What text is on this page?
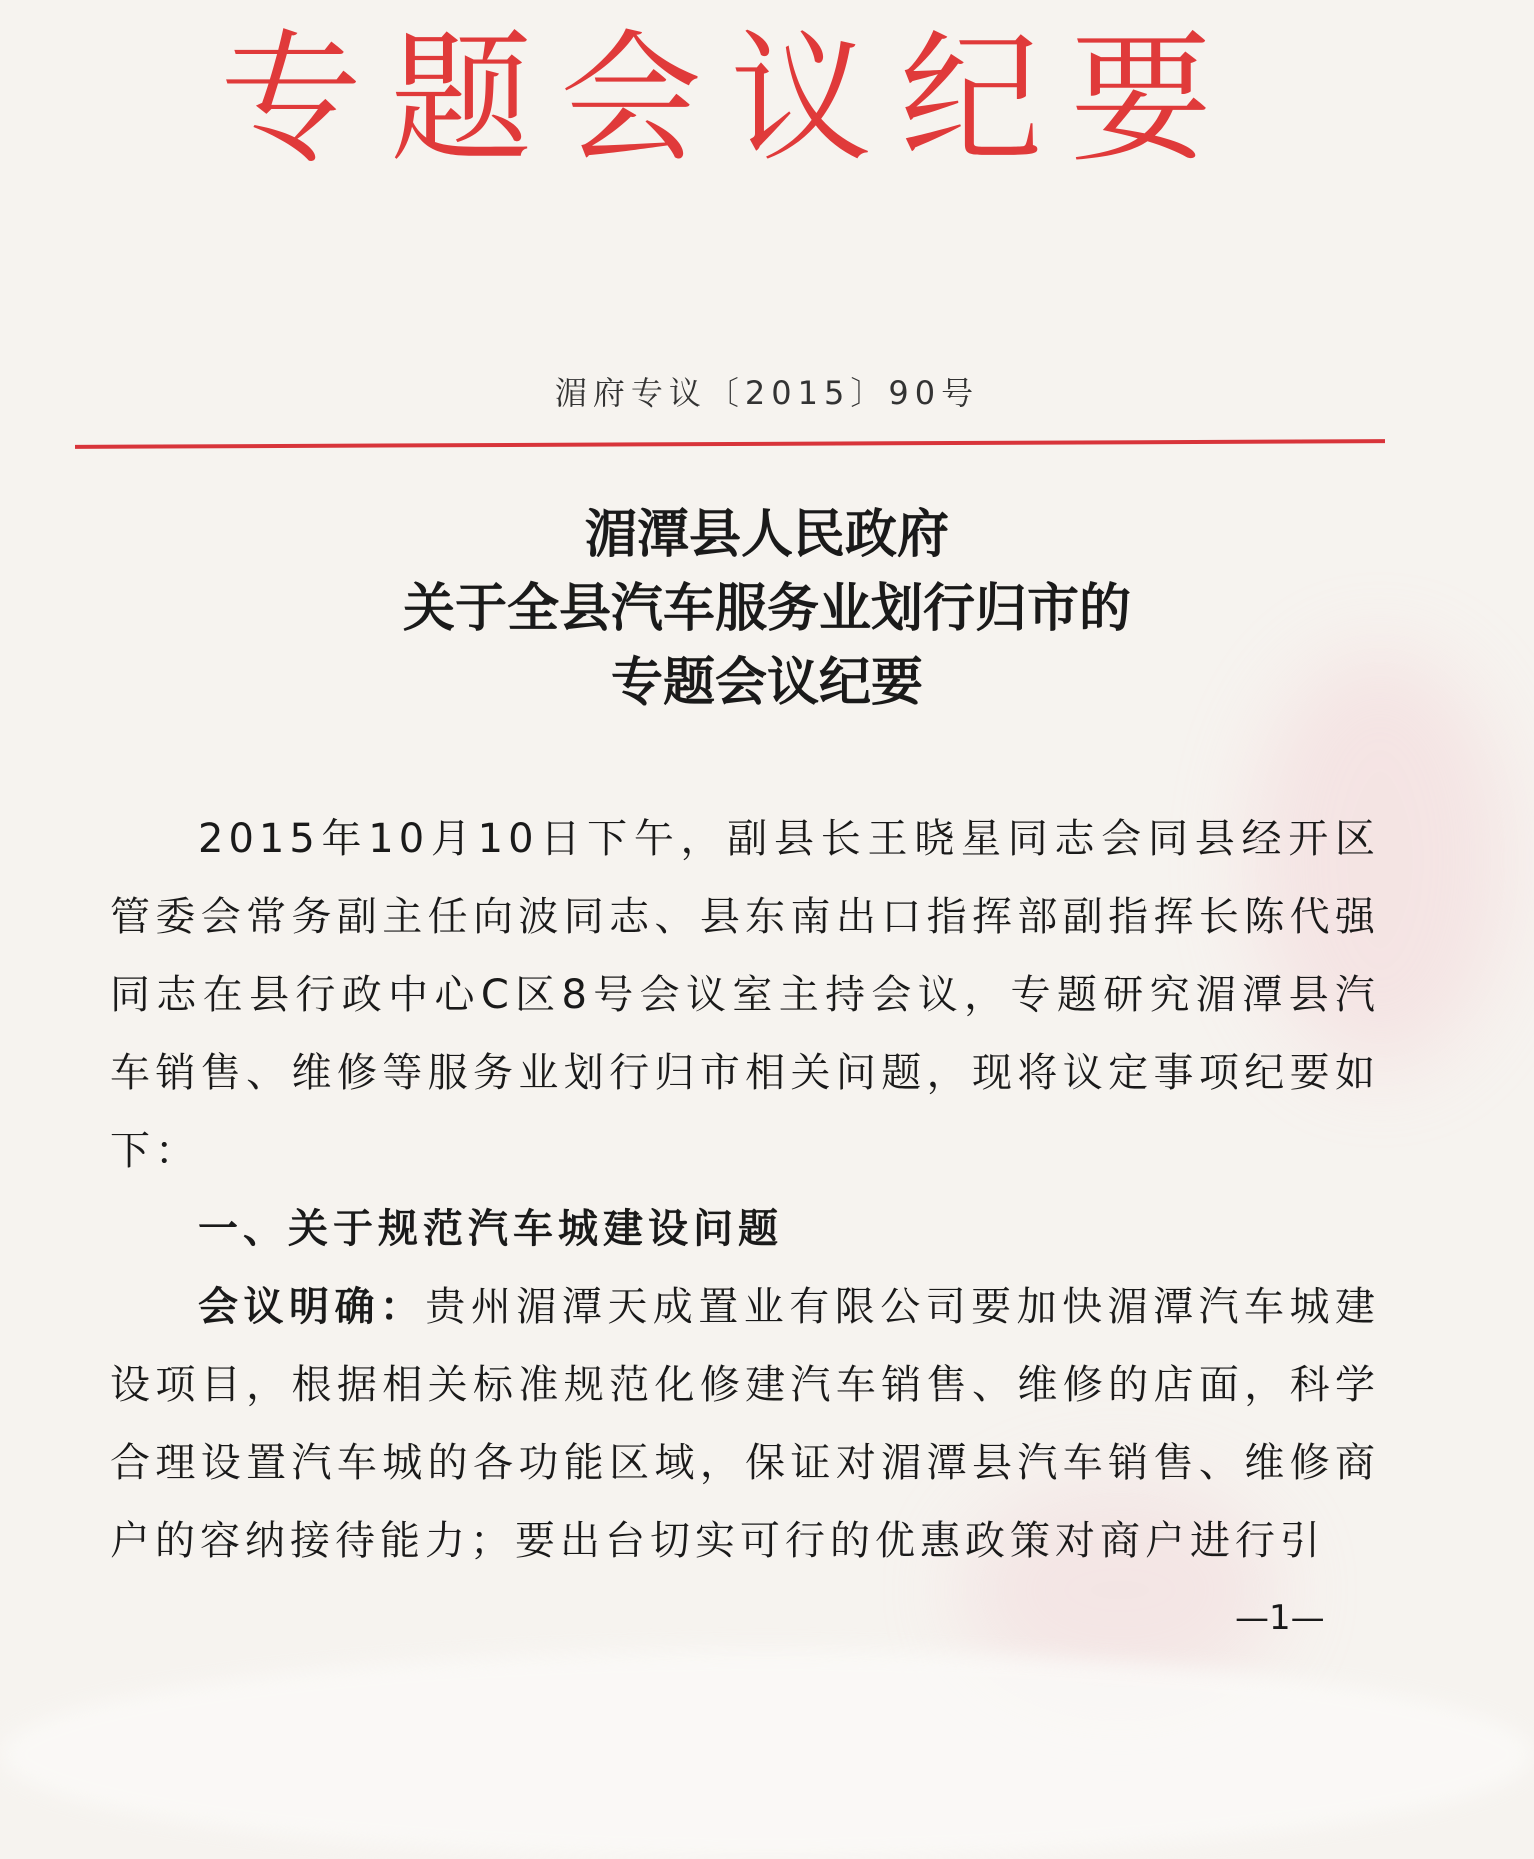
专题会议纪要
湄府专议〔2015〕90号
湄潭县人民政府
关于全县汽车服务业划行归市的
专题会议纪要

2015年10月10日下午，副县长王晓星同志会同县经开区管委会常务副主任向波同志、县东南出口指挥部副指挥长陈代强同志在县行政中心C区8号会议室主持会议，专题研究湄潭县汽车销售、维修等服务业划行归市相关问题，现将议定事项纪要如下：

一、关于规范汽车城建设问题

会议明确：贵州湄潭天成置业有限公司要加快湄潭汽车城建设项目，根据相关标准规范化修建汽车销售、维修的店面，科学合理设置汽车城的各功能区域，保证对湄潭县汽车销售、维修商户的容纳接待能力；要出台切实可行的优惠政策对商户进行引

—1—
